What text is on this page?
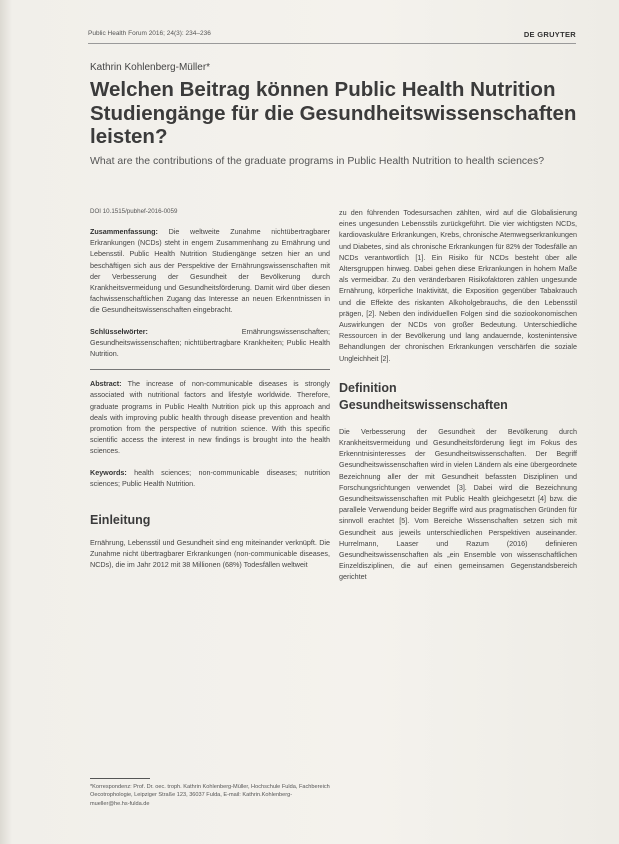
Public Health Forum 2016; 24(3): 234–236	DE GRUYTER
Kathrin Kohlenberg-Müller*
Welchen Beitrag können Public Health Nutrition Studiengänge für die Gesundheitswissenschaften leisten?

What are the contributions of the graduate programs in Public Health Nutrition to health sciences?

DOI 10.1515/pubhef-2016-0059

Zusammenfassung: Die weltweite Zunahme nichtübertragbarer Erkrankungen (NCDs) steht in engem Zusammenhang zu Ernährung und Lebensstil. Public Health Nutrition Studiengänge setzen hier an und beschäftigen sich aus der Perspektive der Ernährungswissenschaften mit der Verbesserung der Gesundheit der Bevölkerung durch Krankheitsvermeidung und Gesundheitsförderung. Damit wird über diesen fachwissenschaftlichen Zugang das Interesse an neuen Erkenntnissen in die Gesundheitswissenschaften eingebracht.

Schlüsselwörter:	Ernährungswissenschaften; Gesundheitswissenschaften; nichtübertragbare Krankheiten; Public Health Nutrition.

Abstract: The increase of non-communicable diseases is strongly associated with nutritional factors and lifestyle worldwide. Therefore, graduate programs in Public Health Nutrition pick up this approach and deals with improving public health through disease prevention and health promotion from the perspective of nutrition science. With this specific scientific access the interest in new findings is brought into the health sciences.

Keywords: health sciences; non-communicable diseases; nutrition sciences; Public Health Nutrition.

Einleitung

Ernährung, Lebensstil und Gesundheit sind eng miteinander verknüpft. Die Zunahme nicht übertragbarer Erkrankungen (non-communicable diseases, NCDs), die im Jahr 2012 mit 38 Millionen (68%) Todesfällen weltweit

zu den führenden Todesursachen zählten, wird auf die Globalisierung eines ungesunden Lebensstils zurückgeführt. Die vier wichtigsten NCDs, kardiovaskuläre Erkrankungen, Krebs, chronische Atemwegserkrankungen und Diabetes, sind als chronische Erkrankungen für 82% der Todesfälle an NCDs verantwortlich [1]. Ein Risiko für NCDs besteht über alle Altersgruppen hinweg. Dabei gehen diese Erkrankungen in hohem Maße als vermeidbar. Zu den veränderbaren Risikofaktoren zählen ungesunde Ernährung, körperliche Inaktivität, die Exposition gegenüber Tabakrauch und die Effekte des riskanten Alkoholgebrauchs, die den Lebensstil prägen, [2]. Neben den individuellen Folgen sind die soziookonomischen Auswirkungen der NCDs von großer Bedeutung. Unterschiedliche Ressourcen in der Bevölkerung und lang andauernde, kostenintensive Behandlungen der chronischen Erkrankungen verschärfen die soziale Ungleichheit [2].

Definition
Gesundheitswissenschaften

Die Verbesserung der Gesundheit der Bevölkerung durch Krankheitsvermeidung und Gesundheitsförderung liegt im Fokus des Erkenntnisinteresses der Gesundheitswissenschaften. Der Begriff Gesundheitswissenschaften wird in vielen Ländern als eine übergeordnete Bezeichnung aller der mit Gesundheit befassten Disziplinen und Forschungsrichtungen verwendet [3]. Dabei wird die Bezeichnung Gesundheitswissenschaften mit Public Health gleichgesetzt [4] bzw. die parallele Verwendung beider Begriffe wird aus pragmatischen Gründen für sinnvoll erachtet [5]. Vom Bereiche Wissenschaften setzen sich mit Gesundheit aus jeweils unterschiedlichen Perspektiven auseinander. Hurrelmann, Laaser und Razum (2016) definieren Gesundheitswissenschaften als „ein Ensemble von wissenschaftlichen Einzeldisziplinen, die auf einen gemeinsamen Gegenstandsbereich gerichtet

*Korrespondenz: Prof. Dr. oec. troph. Kathrin Kohlenberg-Müller, Hochschule Fulda, Fachbereich Oecotrophologie, Leipziger Straße 123, 36037 Fulda, E-mail: Kathrin.Kohlenberg-mueller@he.hs-fulda.de
